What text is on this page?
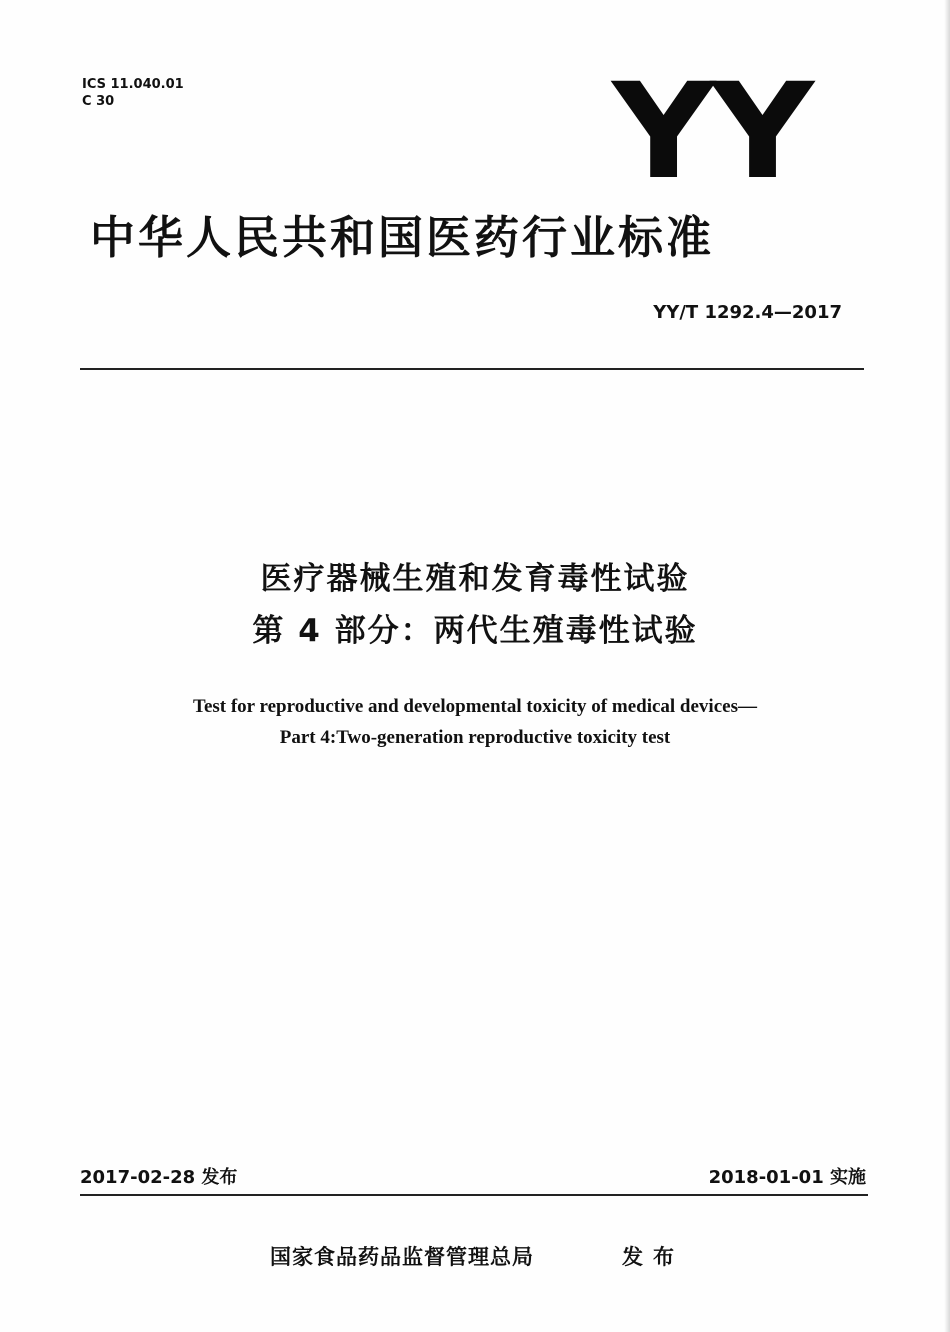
ICS 11.040.01
C 30	YY
中华人民共和国医药行业标准
YY/T 1292.4—2017
医疗器械生殖和发育毒性试验
第 4 部分：两代生殖毒性试验
Test for reproductive and developmental toxicity of medical devices—
Part 4:Two-generation reproductive toxicity test
2017-02-28 发布	2018-01-01 实施
国家食品药品监督管理总局	发布
